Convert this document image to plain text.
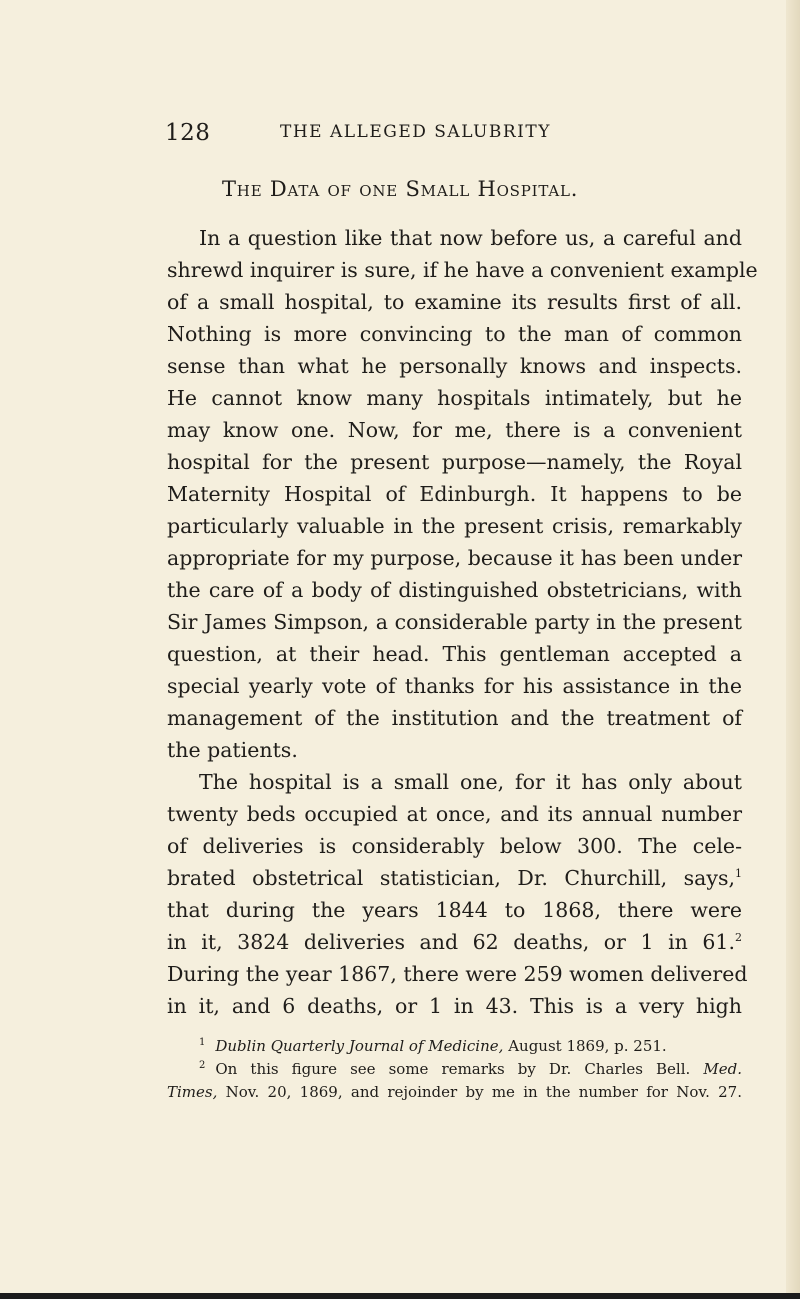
128	THE ALLEGED SALUBRITY
The Data of one Small Hospital.
In a question like that now before us, a careful and
shrewd inquirer is sure, if he have a convenient example
of a small hospital, to examine its results first of all.
Nothing is more convincing to the man of common
sense than what he personally knows and inspects.
He cannot know many hospitals intimately, but he
may know one. Now, for me, there is a convenient
hospital for the present purpose—namely, the Royal
Maternity Hospital of Edinburgh. It happens to be
particularly valuable in the present crisis, remarkably
appropriate for my purpose, because it has been under
the care of a body of distinguished obstetricians, with
Sir James Simpson, a considerable party in the present
question, at their head. This gentleman accepted a
special yearly vote of thanks for his assistance in the
management of the institution and the treatment of
the patients.
The hospital is a small one, for it has only about
twenty beds occupied at once, and its annual number
of deliveries is considerably below 300. The cele-
brated obstetrical statistician, Dr. Churchill, says,$^1$
that during the years 1844 to 1868, there were
in it, 3824 deliveries and 62 deaths, or 1 in 61.$^2$
During the year 1867, there were 259 women delivered
in it, and 6 deaths, or 1 in 43. This is a very high
$^1$ Dublin Quarterly Journal of Medicine, August 1869, p. 251.
$^2$ On this figure see some remarks by Dr. Charles Bell. Med.
Times, Nov. 20, 1869, and rejoinder by me in the number for Nov. 27.
